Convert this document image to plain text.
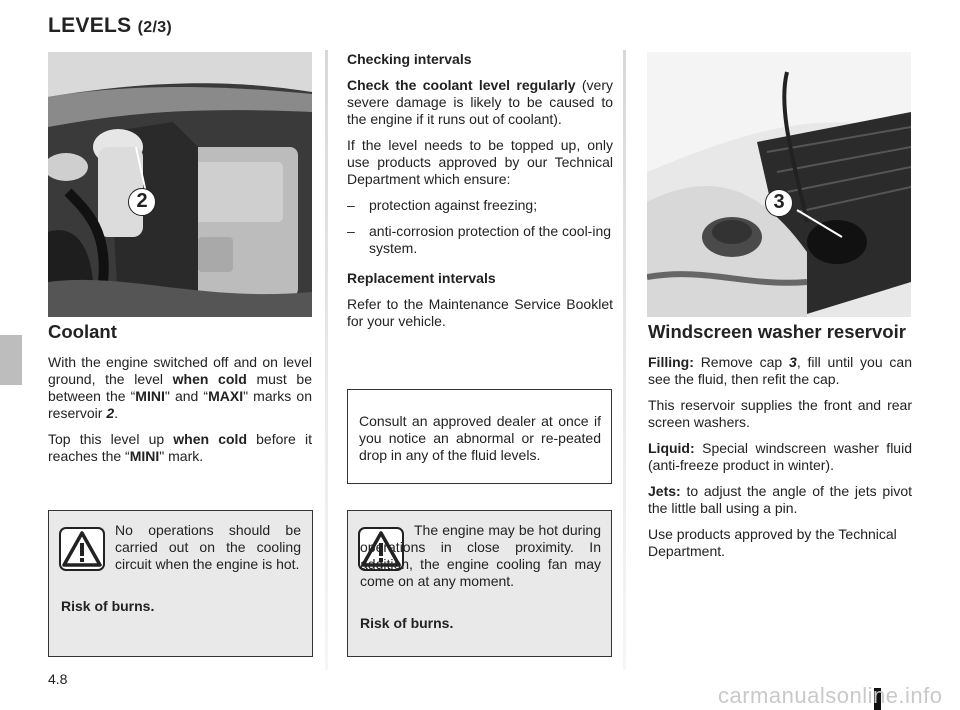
LEVELS (2/3)
2
Coolant

With the engine switched off and on level ground, the level when cold must be between the “MINI" and “MAXI" marks on reservoir 2.

Top this level up when cold before it reaches the “MINI" mark.

No operations should be carried out on the cooling circuit when the engine is hot.

Risk of burns.

Checking intervals

Check the coolant level regularly (very severe damage is likely to be caused to the engine if it runs out of coolant).

If the level needs to be topped up, only use products approved by our Technical Department which ensure:

–	protection against freezing;
–	anti-corrosion protection of the cool-ing system.

Replacement intervals

Refer to the Maintenance Service Booklet for your vehicle.

Consult an approved dealer at once if you notice an abnormal or re-peated drop in any of the fluid levels.

The engine may be hot during operations in close proximity. In addition, the engine cooling fan may come on at any moment.

Risk of burns.

3
Windscreen washer reservoir

Filling: Remove cap 3, fill until you can see the fluid, then refit the cap.

This reservoir supplies the front and rear screen washers.

Liquid: Special windscreen washer fluid (anti-freeze product in winter).

Jets: to adjust the angle of the jets pivot the little ball using a pin.

Use products approved by the Technical Department.

4.8
carmanualsonline.info
